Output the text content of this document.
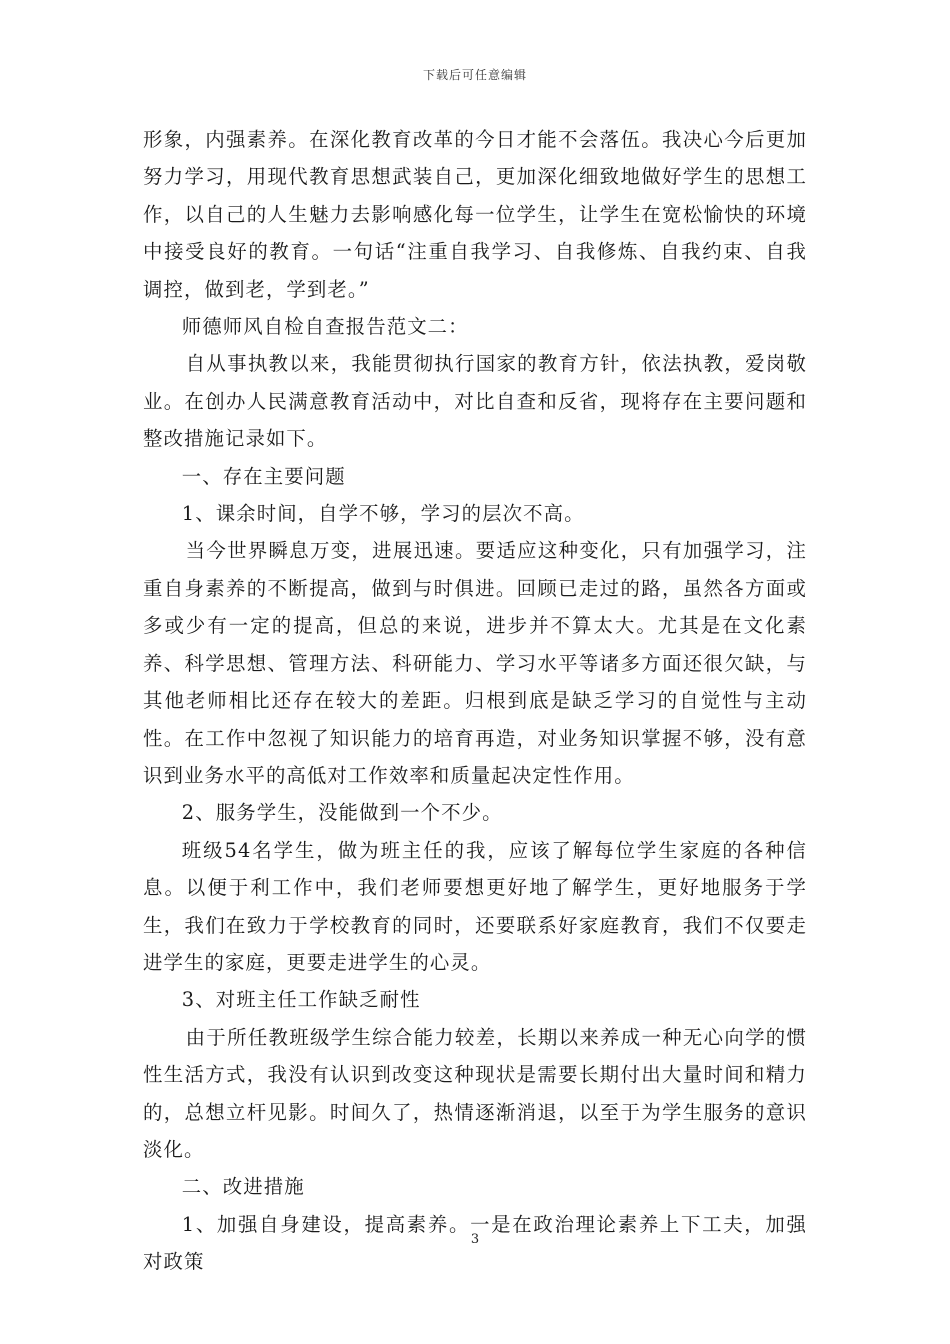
下载后可任意编辑

形象，内强素养。在深化教育改革的今日才能不会落伍。我决心今后更加努力学习，用现代教育思想武装自己，更加深化细致地做好学生的思想工作，以自己的人生魅力去影响感化每一位学生，让学生在宽松愉快的环境中接受良好的教育。一句话“注重自我学习、自我修炼、自我约束、自我调控，做到老，学到老。”

师德师风自检自查报告范文二：

自从事执教以来，我能贯彻执行国家的教育方针，依法执教，爱岗敬业。在创办人民满意教育活动中，对比自查和反省，现将存在主要问题和整改措施记录如下。

一、存在主要问题

1、课余时间，自学不够，学习的层次不高。

当今世界瞬息万变，进展迅速。要适应这种变化，只有加强学习，注重自身素养的不断提高，做到与时俱进。回顾已走过的路，虽然各方面或多或少有一定的提高，但总的来说，进步并不算太大。尤其是在文化素养、科学思想、管理方法、科研能力、学习水平等诸多方面还很欠缺，与其他老师相比还存在较大的差距。归根到底是缺乏学习的自觉性与主动性。在工作中忽视了知识能力的培育再造，对业务知识掌握不够，没有意识到业务水平的高低对工作效率和质量起决定性作用。

2、服务学生，没能做到一个不少。

班级54名学生，做为班主任的我，应该了解每位学生家庭的各种信息。以便于利工作中，我们老师要想更好地了解学生，更好地服务于学生，我们在致力于学校教育的同时，还要联系好家庭教育，我们不仅要走进学生的家庭，更要走进学生的心灵。

3、对班主任工作缺乏耐性

由于所任教班级学生综合能力较差，长期以来养成一种无心向学的惯性生活方式，我没有认识到改变这种现状是需要长期付出大量时间和精力的，总想立杆见影。时间久了，热情逐渐消退，以至于为学生服务的意识淡化。

二、改进措施

1、加强自身建设，提高素养。一是在政治理论素养上下工夫，加强对政策

3
